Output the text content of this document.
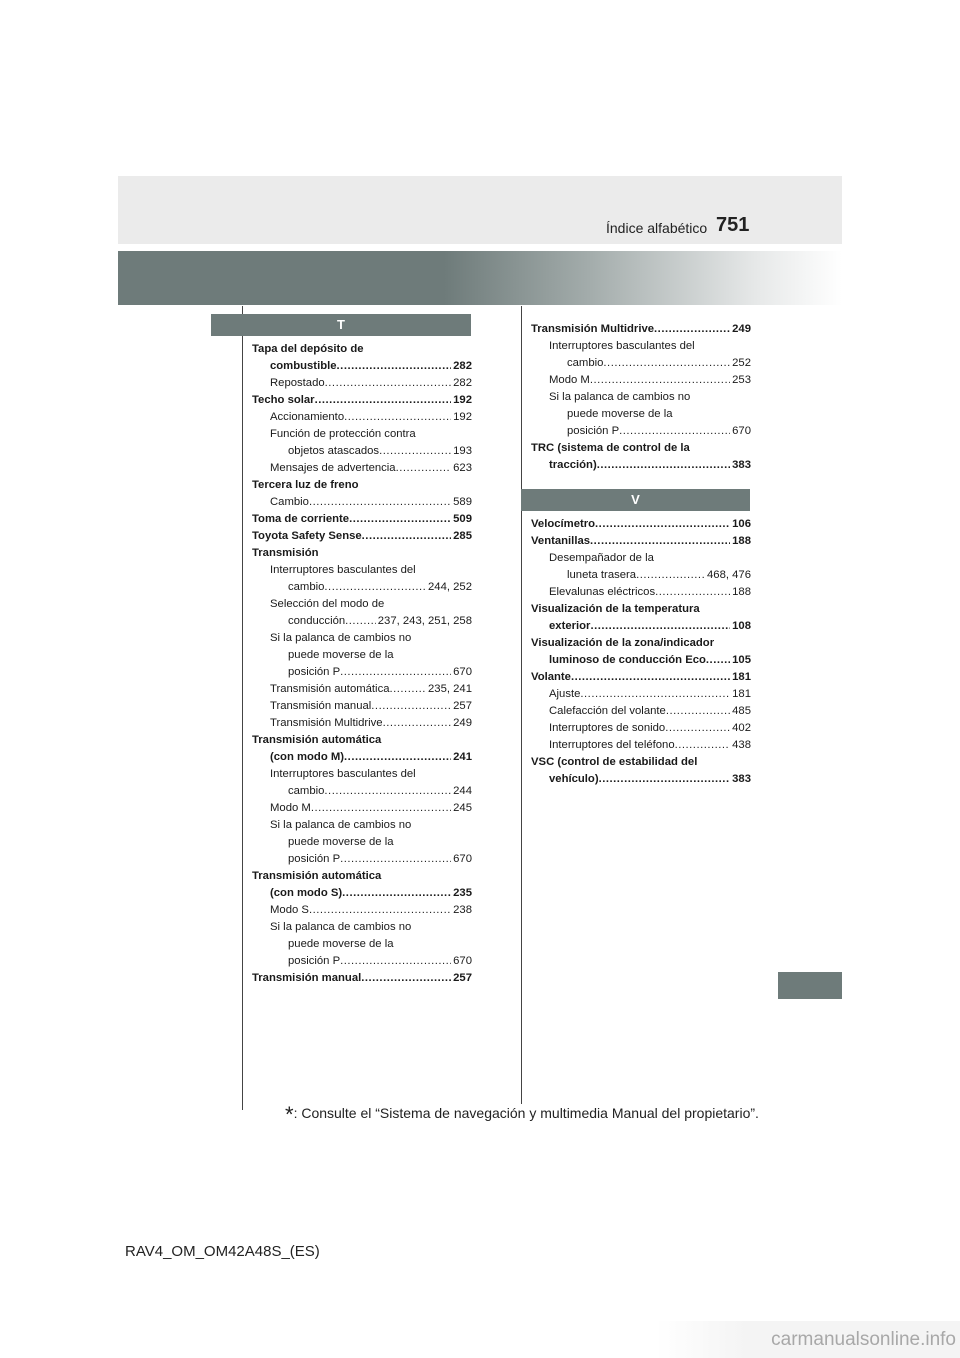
Índice alfabético 751
T
V
Tapa del depósito de
combustible .....	282
Repostado .....	282
Techo solar .....	192
Accionamiento .....	192
Función de protección contra
objetos atascados .....	193
Mensajes de advertencia .....	623
Tercera luz de freno
Cambio .....	589
Toma de corriente .....	509
Toyota Safety Sense .....	285
Transmisión
Interruptores basculantes del
cambio .....	244, 252
Selección del modo de
conducción .....	237, 243, 251, 258
Si la palanca de cambios no
puede moverse de la
posición P .....	670
Transmisión automática .....	235, 241
Transmisión manual .....	257
Transmisión Multidrive .....	249
Transmisión automática
(con modo M) .....	241
Interruptores basculantes del
cambio .....	244
Modo M .....	245
Si la palanca de cambios no
puede moverse de la
posición P .....	670
Transmisión automática
(con modo S) .....	235
Modo S .....	238
Si la palanca de cambios no
puede moverse de la
posición P .....	670
Transmisión manual .....	257
Transmisión Multidrive .....	249
Interruptores basculantes del
cambio .....	252
Modo M .....	253
Si la palanca de cambios no
puede moverse de la
posición P .....	670
TRC (sistema de control de la
tracción) .....	383
Velocímetro .....	106
Ventanillas .....	188
Desempañador de la
luneta trasera .....	468, 476
Elevalunas eléctricos .....	188
Visualización de la temperatura
exterior .....	108
Visualización de la zona/indicador
luminoso de conducción Eco ..... 105
Volante .....	181
Ajuste .....	181
Calefacción del volante .....	485
Interruptores de sonido .....	402
Interruptores del teléfono .....	438
VSC (control de estabilidad del
vehículo) .....	383
*: Consulte el “Sistema de navegación y multimedia Manual del propietario”.
RAV4_OM_OM42A48S_(ES)
carmanualsonline.info
